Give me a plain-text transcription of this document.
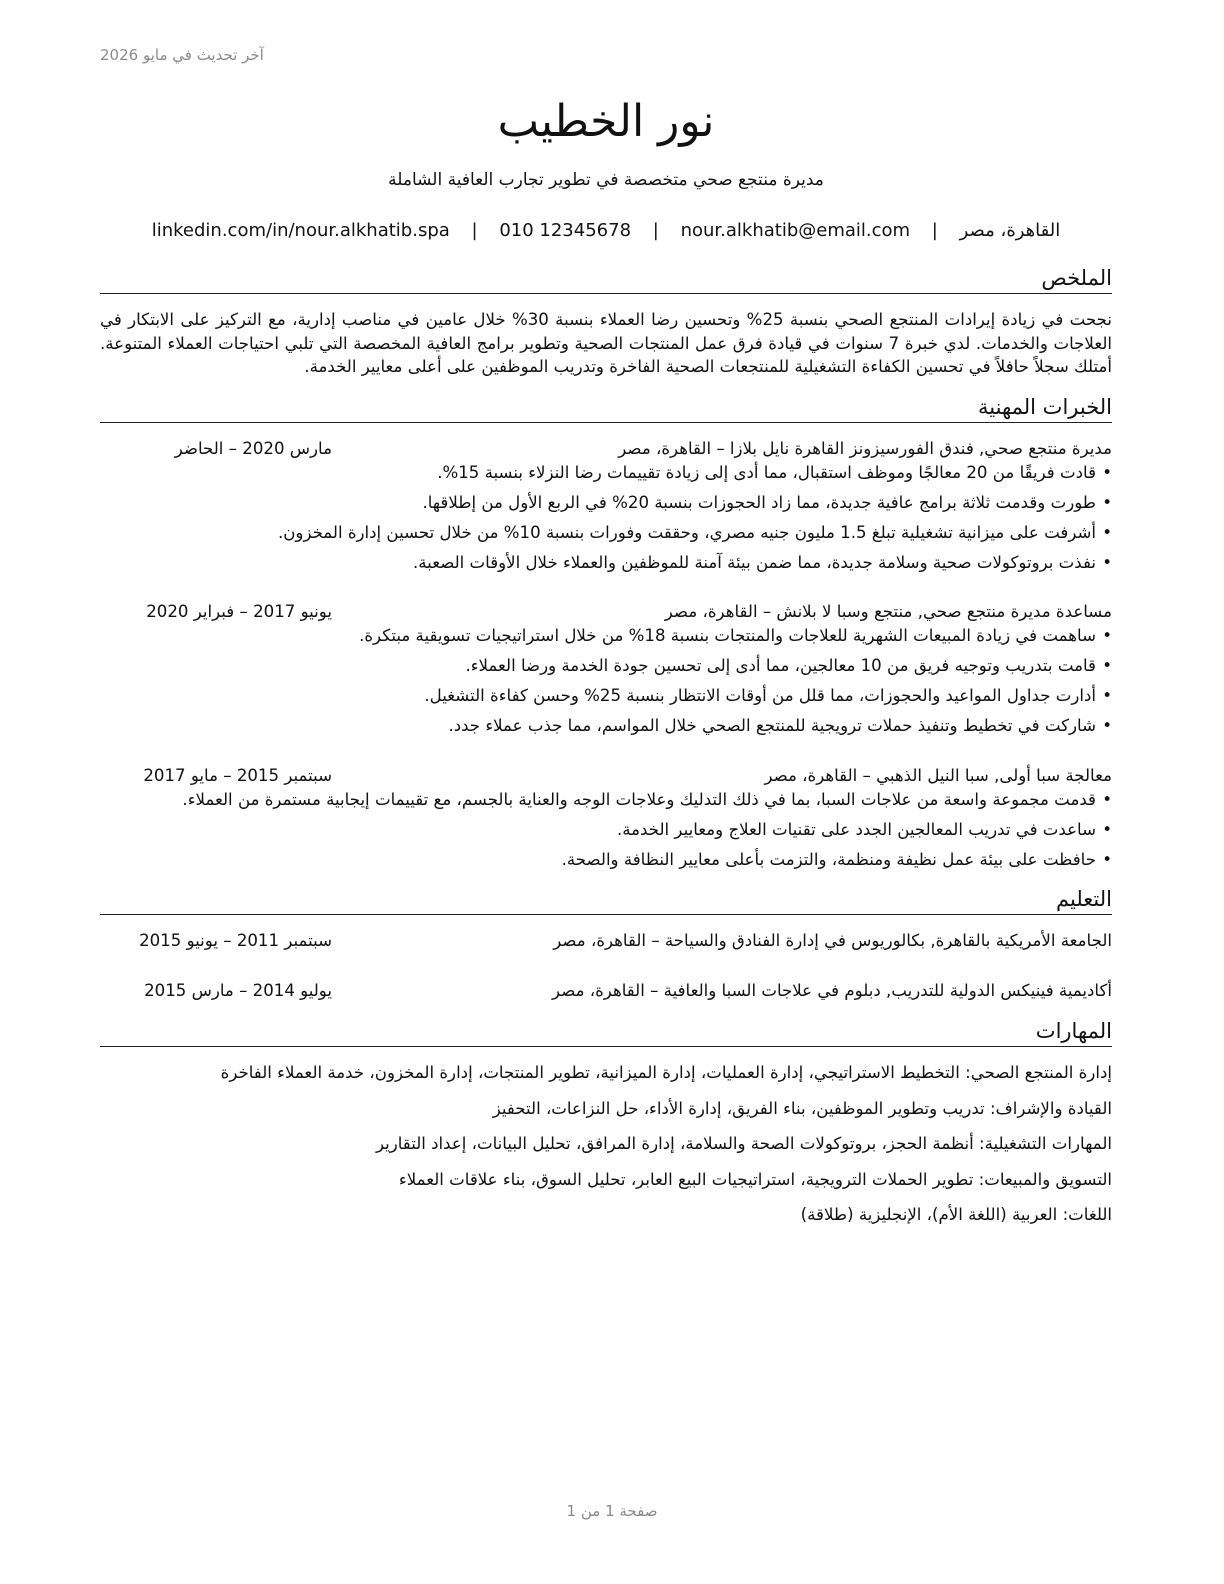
آخر تحديث في مايو 2026
نور الخطيب
مديرة منتجع صحي متخصصة في تطوير تجارب العافية الشاملة
القاهرة، مصر | nour.alkhatib@email.com | 010 12345678 | linkedin.com/in/nour.alkhatib.spa
الملخص
نجحت في زيادة إيرادات المنتجع الصحي بنسبة 25% وتحسين رضا العملاء بنسبة 30% خلال عامين في مناصب إدارية، مع التركيز على الابتكار في العلاجات والخدمات. لدي خبرة 7 سنوات في قيادة فرق عمل المنتجات الصحية وتطوير برامج العافية المخصصة التي تلبي احتياجات العملاء المتنوعة. أمتلك سجلاً حافلاً في تحسين الكفاءة التشغيلية للمنتجعات الصحية الفاخرة وتدريب الموظفين على أعلى معايير الخدمة.
الخبرات المهنية
مديرة منتجع صحي, فندق الفورسيزونز القاهرة نايل بلازا – القاهرة، مصر
مارس 2020 – الحاضر
•
قادت فريقًا من 20 معالجًا وموظف استقبال، مما أدى إلى زيادة تقييمات رضا النزلاء بنسبة 15%.
•
طورت وقدمت ثلاثة برامج عافية جديدة، مما زاد الحجوزات بنسبة 20% في الربع الأول من إطلاقها.
•
أشرفت على ميزانية تشغيلية تبلغ 1.5 مليون جنيه مصري، وحققت وفورات بنسبة 10% من خلال تحسين إدارة المخزون.
•
نفذت بروتوكولات صحية وسلامة جديدة، مما ضمن بيئة آمنة للموظفين والعملاء خلال الأوقات الصعبة.
مساعدة مديرة منتجع صحي, منتجع وسبا لا بلانش – القاهرة، مصر
يونيو 2017 – فبراير 2020
•
ساهمت في زيادة المبيعات الشهرية للعلاجات والمنتجات بنسبة 18% من خلال استراتيجيات تسويقية مبتكرة.
•
قامت بتدريب وتوجيه فريق من 10 معالجين، مما أدى إلى تحسين جودة الخدمة ورضا العملاء.
•
أدارت جداول المواعيد والحجوزات، مما قلل من أوقات الانتظار بنسبة 25% وحسن كفاءة التشغيل.
•
شاركت في تخطيط وتنفيذ حملات ترويجية للمنتجع الصحي خلال المواسم، مما جذب عملاء جدد.
معالجة سبا أولى, سبا النيل الذهبي – القاهرة، مصر
سبتمبر 2015 – مايو 2017
•
قدمت مجموعة واسعة من علاجات السبا، بما في ذلك التدليك وعلاجات الوجه والعناية بالجسم، مع تقييمات إيجابية مستمرة من العملاء.
•
ساعدت في تدريب المعالجين الجدد على تقنيات العلاج ومعايير الخدمة.
•
حافظت على بيئة عمل نظيفة ومنظمة، والتزمت بأعلى معايير النظافة والصحة.
التعليم
الجامعة الأمريكية بالقاهرة, بكالوريوس في إدارة الفنادق والسياحة – القاهرة، مصر
سبتمبر 2011 – يونيو 2015
أكاديمية فينيكس الدولية للتدريب, دبلوم في علاجات السبا والعافية – القاهرة، مصر
يوليو 2014 – مارس 2015
المهارات
إدارة المنتجع الصحي: التخطيط الاستراتيجي، إدارة العمليات، إدارة الميزانية، تطوير المنتجات، إدارة المخزون، خدمة العملاء الفاخرة
القيادة والإشراف: تدريب وتطوير الموظفين، بناء الفريق، إدارة الأداء، حل النزاعات، التحفيز
المهارات التشغيلية: أنظمة الحجز، بروتوكولات الصحة والسلامة، إدارة المرافق، تحليل البيانات، إعداد التقارير
التسويق والمبيعات: تطوير الحملات الترويجية، استراتيجيات البيع العابر، تحليل السوق، بناء علاقات العملاء
اللغات: العربية (اللغة الأم)، الإنجليزية (طلاقة)
صفحة 1 من 1
